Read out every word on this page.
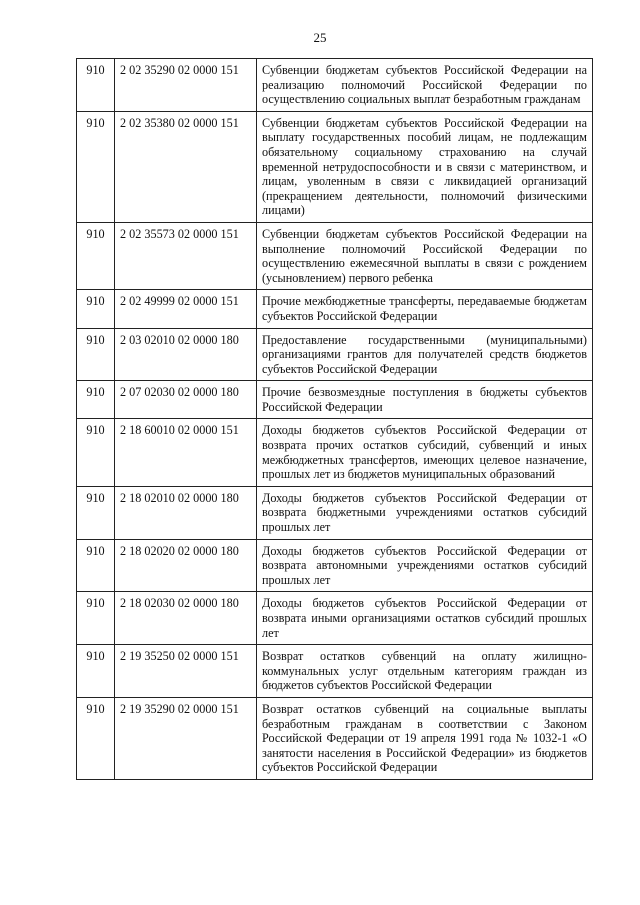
25
910	2 02 35290 02 0000 151	Субвенции бюджетам субъектов Российской Федерации на реализацию полномочий Российской Федерации по осуществлению социальных выплат безработным гражданам
910	2 02 35380 02 0000 151	Субвенции бюджетам субъектов Российской Федерации на выплату государственных пособий лицам, не подлежащим обязательному социальному страхованию на случай временной нетрудоспособности и в связи с материнством, и лицам, уволенным в связи с ликвидацией организаций (прекращением деятельности, полномочий физическими лицами)
910	2 02 35573 02 0000 151	Субвенции бюджетам субъектов Российской Федерации на выполнение полномочий Российской Федерации по осуществлению ежемесячной выплаты в связи с рождением (усыновлением) первого ребенка
910	2 02 49999 02 0000 151	Прочие межбюджетные трансферты, передаваемые бюджетам субъектов Российской Федерации
910	2 03 02010 02 0000 180	Предоставление государственными (муниципальными) организациями грантов для получателей средств бюджетов субъектов Российской Федерации
910	2 07 02030 02 0000 180	Прочие безвозмездные поступления в бюджеты субъектов Российской Федерации
910	2 18 60010 02 0000 151	Доходы бюджетов субъектов Российской Федерации от возврата прочих остатков субсидий, субвенций и иных межбюджетных трансфертов, имеющих целевое назначение, прошлых лет из бюджетов муниципальных образований
910	2 18 02010 02 0000 180	Доходы бюджетов субъектов Российской Федерации от возврата бюджетными учреждениями остатков субсидий прошлых лет
910	2 18 02020 02 0000 180	Доходы бюджетов субъектов Российской Федерации от возврата автономными учреждениями остатков субсидий прошлых лет
910	2 18 02030 02 0000 180	Доходы бюджетов субъектов Российской Федерации от возврата иными организациями остатков субсидий прошлых лет
910	2 19 35250 02 0000 151	Возврат остатков субвенций на оплату жилищно-коммунальных услуг отдельным категориям граждан из бюджетов субъектов Российской Федерации
910	2 19 35290 02 0000 151	Возврат остатков субвенций на социальные выплаты безработным гражданам в соответствии с Законом Российской Федерации от 19 апреля 1991 года № 1032-1 «О занятости населения в Российской Федерации» из бюджетов субъектов Российской Федерации
